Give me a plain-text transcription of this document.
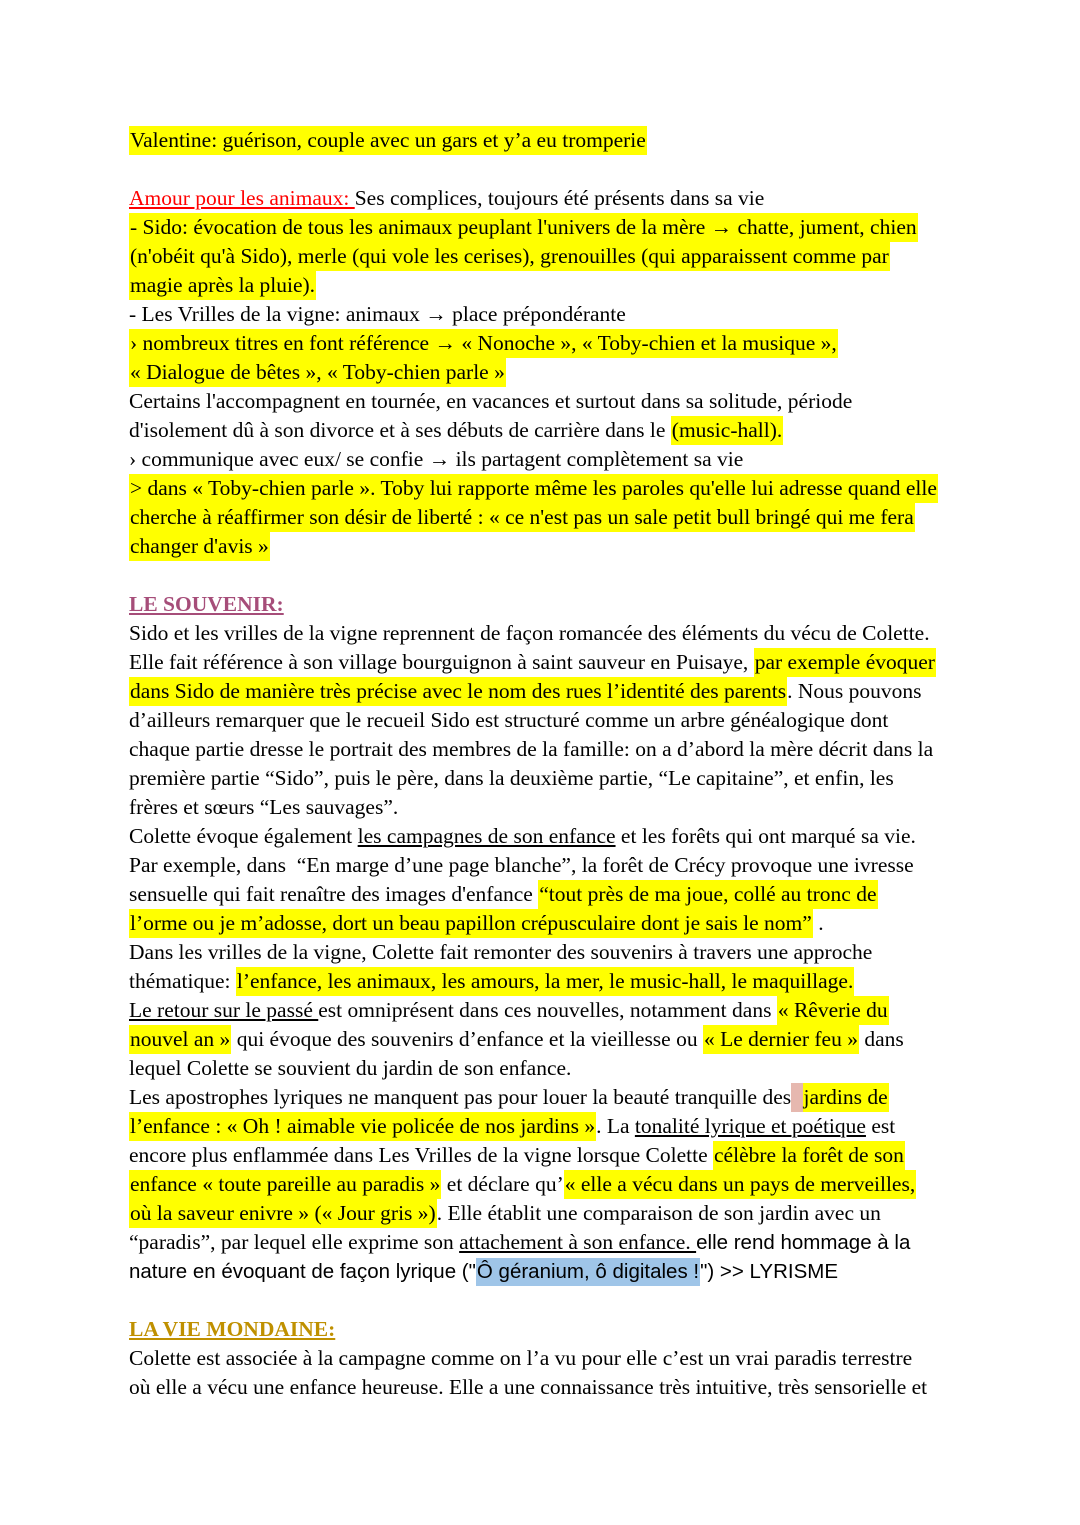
Valentine: guérison, couple avec un gars et y’a eu tromperie
Amour pour les animaux: Ses complices, toujours été présents dans sa vie
- Sido: évocation de tous les animaux peuplant l'univers de la mère → chatte, jument, chien
(n'obéit qu'à Sido), merle (qui vole les cerises), grenouilles (qui apparaissent comme par
magie après la pluie).
- Les Vrilles de la vigne: animaux → place prépondérante
› nombreux titres en font référence → « Nonoche », « Toby-chien et la musique »,
« Dialogue de bêtes », « Toby-chien parle »
Certains l'accompagnent en tournée, en vacances et surtout dans sa solitude, période
d'isolement dû à son divorce et à ses débuts de carrière dans le (music-hall).
› communique avec eux/ se confie → ils partagent complètement sa vie
> dans « Toby-chien parle ». Toby lui rapporte même les paroles qu'elle lui adresse quand elle
cherche à réaffirmer son désir de liberté : « ce n'est pas un sale petit bull bringé qui me fera
changer d'avis »
LE SOUVENIR:
Sido et les vrilles de la vigne reprennent de façon romancée des éléments du vécu de Colette.
Elle fait référence à son village bourguignon à saint sauveur en Puisaye, par exemple évoquer
dans Sido de manière très précise avec le nom des rues l’identité des parents. Nous pouvons
d’ailleurs remarquer que le recueil Sido est structuré comme un arbre généalogique dont
chaque partie dresse le portrait des membres de la famille: on a d’abord la mère décrit dans la
première partie “Sido”, puis le père, dans la deuxième partie, “Le capitaine”, et enfin, les
frères et sœurs “Les sauvages”.
Colette évoque également les campagnes de son enfance et les forêts qui ont marqué sa vie.
Par exemple, dans  “En marge d’une page blanche”, la forêt de Crécy provoque une ivresse
sensuelle qui fait renaître des images d'enfance “tout près de ma joue, collé au tronc de
l’orme ou je m’adosse, dort un beau papillon crépusculaire dont je sais le nom” .
Dans les vrilles de la vigne, Colette fait remonter des souvenirs à travers une approche
thématique: l’enfance, les animaux, les amours, la mer, le music-hall, le maquillage.
Le retour sur le passé est omniprésent dans ces nouvelles, notamment dans « Rêverie du
nouvel an » qui évoque des souvenirs d’enfance et la vieillesse ou « Le dernier feu » dans
lequel Colette se souvient du jardin de son enfance.
Les apostrophes lyriques ne manquent pas pour louer la beauté tranquille des jardins de
l’enfance : « Oh ! aimable vie policée de nos jardins ». La tonalité lyrique et poétique est
encore plus enflammée dans Les Vrilles de la vigne lorsque Colette célèbre la forêt de son
enfance « toute pareille au paradis » et déclare qu’« elle a vécu dans un pays de merveilles,
où la saveur enivre » (« Jour gris »). Elle établit une comparaison de son jardin avec un
“paradis”, par lequel elle exprime son attachement à son enfance. elle rend hommage à la
nature en évoquant de façon lyrique ("Ô géranium, ô digitales !") >> LYRISME
LA VIE MONDAINE:
Colette est associée à la campagne comme on l’a vu pour elle c’est un vrai paradis terrestre
où elle a vécu une enfance heureuse. Elle a une connaissance très intuitive, très sensorielle et
